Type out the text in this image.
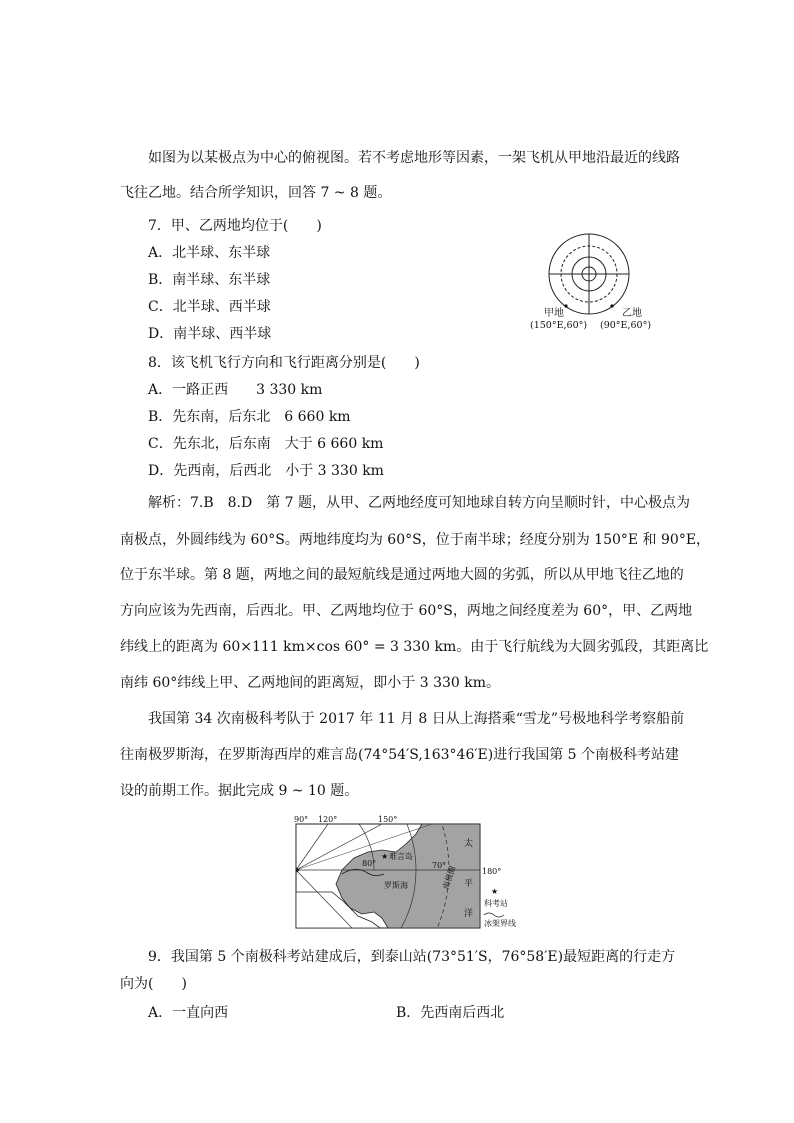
如图为以某极点为中心的俯视图。若不考虑地形等因素，一架飞机从甲地沿最近的线路
飞往乙地。结合所学知识，回答 7 ~ 8 题。
7．甲、乙两地均位于(　　)
A．北半球、东半球
B．南半球、东半球
C．北半球、西半球
D．南半球、西半球
甲地
(150°E,60°)
乙地
(90°E,60°)
8．该飞机飞行方向和飞行距离分别是(　　)
A．一路正西　　3 330 km
B．先东南，后东北　6 660 km
C．先东北，后东南　大于 6 660 km
D．先西南，后西北　小于 3 330 km
解析：7.B　8.D　第 7 题，从甲、乙两地经度可知地球自转方向呈顺时针，中心极点为
南极点，外圆纬线为 60°S。两地纬度均为 60°S，位于南半球；经度分别为 150°E 和 90°E，
位于东半球。第 8 题，两地之间的最短航线是通过两地大圆的劣弧，所以从甲地飞往乙地的
方向应该为先西南，后西北。甲、乙两地均位于 60°S，两地之间经度差为 60°，甲、乙两地
纬线上的距离为 60×111 km×cos 60° = 3 330 km。由于飞行航线为大圆劣弧段，其距离比
南纬 60°纬线上甲、乙两地间的距离短，即小于 3 330 km。
我国第 34 次南极科考队于 2017 年 11 月 8 日从上海搭乘“雪龙”号极地科学考察船前
往南极罗斯海，在罗斯海西岸的难言岛(74°54′S,163°46′E)进行我国第 5 个南极科考站建
设的前期工作。据此完成 9 ~ 10 题。
★
90° 120°	150°
180°
80°	70°
难言岛
罗斯海	南极圈
太
平
洋
★
科考站
冰架界线
9．我国第 5 个南极科考站建成后，到泰山站(73°51′S，76°58′E)最短距离的行走方
向为(　　)
A．一直向西	B．先西南后西北
